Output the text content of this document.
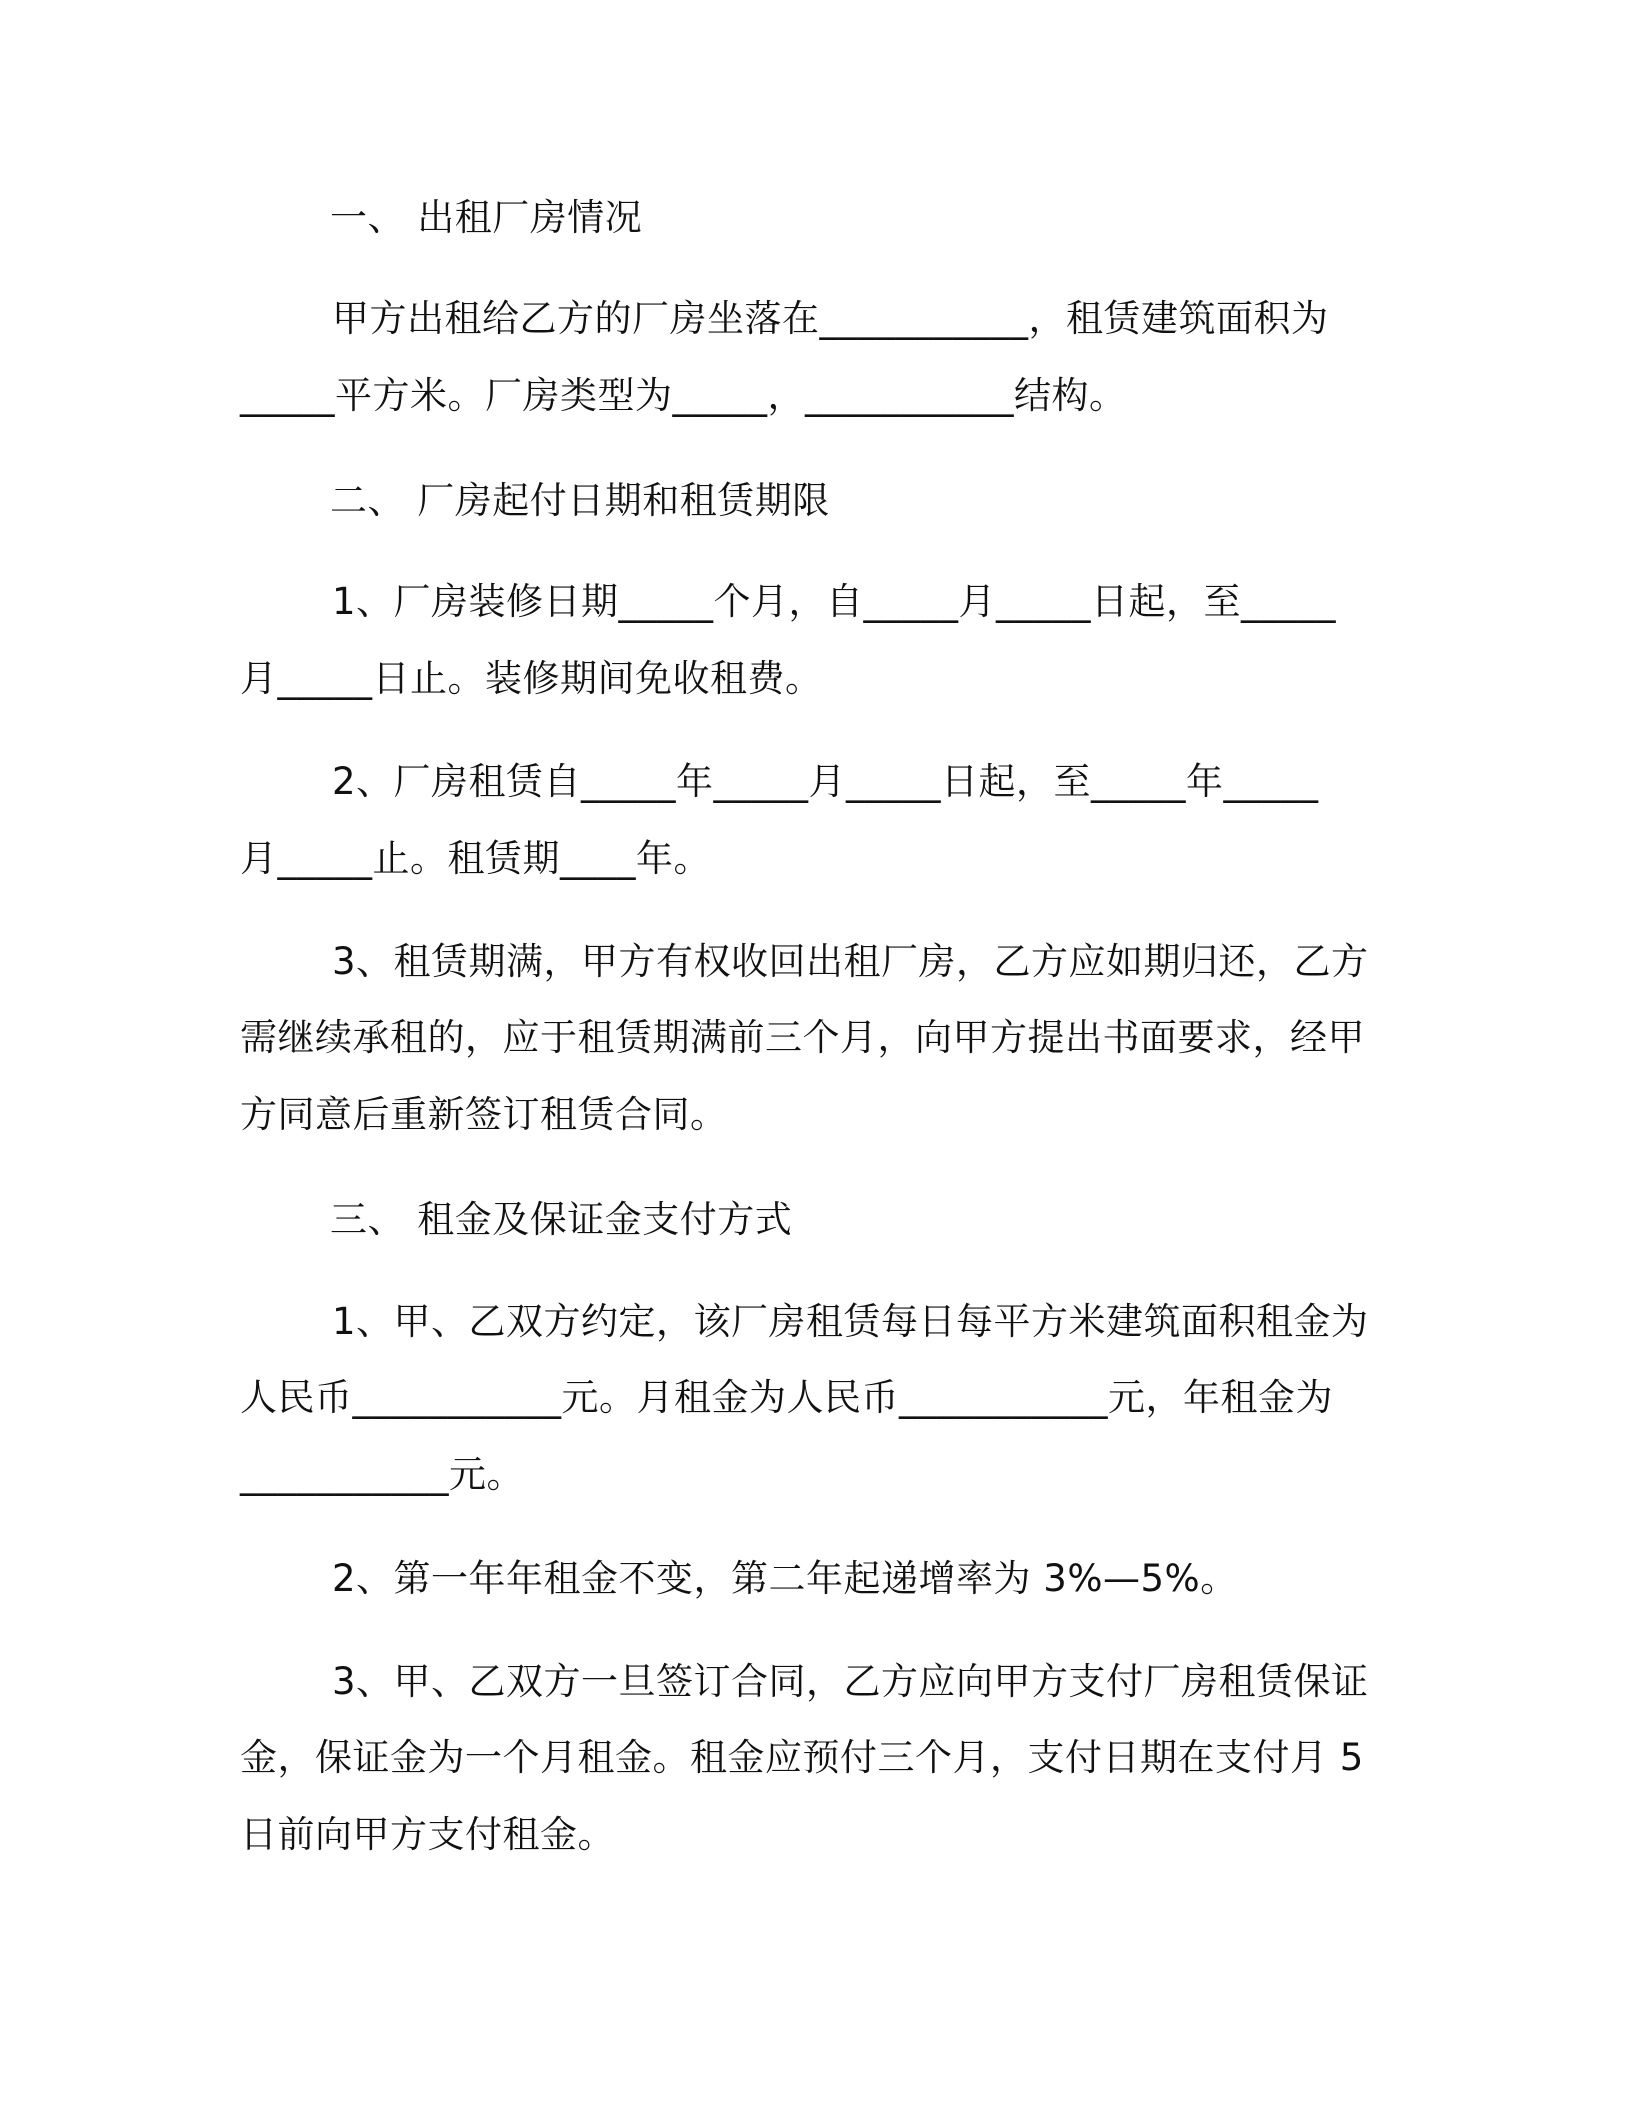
一、 出租厂房情况
甲方出租给乙方的厂房坐落在___________，租赁建筑面积为
_____平方米。厂房类型为_____，___________结构。
二、 厂房起付日期和租赁期限
1、厂房装修日期_____个月，自_____月_____日起，至_____
月_____日止。装修期间免收租费。
2、厂房租赁自_____年_____月_____日起，至_____年_____
月_____止。租赁期____年。
3、租赁期满，甲方有权收回出租厂房，乙方应如期归还，乙方
需继续承租的，应于租赁期满前三个月，向甲方提出书面要求，经甲
方同意后重新签订租赁合同。
三、 租金及保证金支付方式
1、甲、乙双方约定，该厂房租赁每日每平方米建筑面积租金为
人民币___________元。月租金为人民币___________元，年租金为
___________元。
2、第一年年租金不变，第二年起递增率为 3%—5%。
3、甲、乙双方一旦签订合同，乙方应向甲方支付厂房租赁保证
金，保证金为一个月租金。租金应预付三个月，支付日期在支付月 5
日前向甲方支付租金。
